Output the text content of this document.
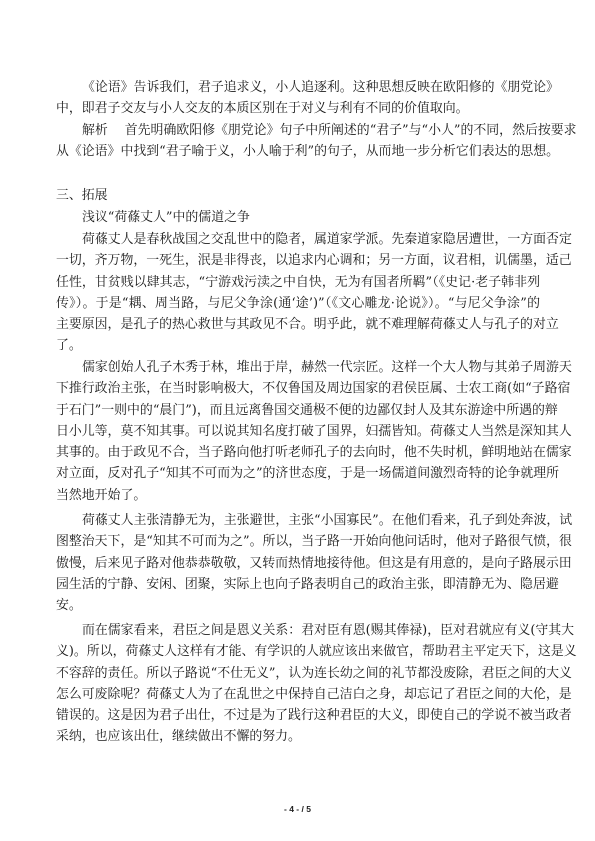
《论语》告诉我们，君子追求义，小人追逐利。这种思想反映在欧阳修的《朋党论》
中，即君子交友与小人交友的本质区别在于对义与利有不同的价值取向。
解析　 首先明确欧阳修《朋党论》句子中所阐述的“君子”与“小人”的不同，然后按要求
从《论语》中找到“君子喻于义，小人喻于利”的句子，从而地一步分析它们表达的思想。
三、拓展
浅议“荷蓧丈人”中的儒道之争
荷蓧丈人是春秋战国之交乱世中的隐者，属道家学派。先秦道家隐居遭世，一方面否定
一切，齐万物，一死生，泯是非得丧，以追求内心调和；另一方面，议君相，讥儒墨，适己
任性，甘贫贱以肆其志，“宁游戏污渎之中自快，无为有国者所羁”（《史记·老子韩非列
传》）。于是“耦、周当路，与尼父争涂(通‘途’)”（《文心雕龙·论说》）。“与尼父争涂”的
主要原因，是孔子的热心救世与其政见不合。明乎此，就不难理解荷蓧丈人与孔子的对立
了。
儒家创始人孔子木秀于林，堆出于岸，赫然一代宗匠。这样一个大人物与其弟子周游天
下推行政治主张，在当时影响极大，不仅鲁国及周边国家的君侯臣属、士农工商(如“子路宿
于石门”一则中的“晨门”)，而且远离鲁国交通极不便的边鄙仅封人及其东游途中所遇的辩
日小儿等，莫不知其事。可以说其知名度打破了国界，妇孺皆知。荷蓧丈人当然是深知其人
其事的。由于政见不合，当子路向他打听老师孔子的去向时，他不失时机，鲜明地站在儒家
对立面，反对孔子“知其不可而为之”的济世态度，于是一场儒道间激烈奇特的论争就理所
当然地开始了。
荷蓧丈人主张清静无为，主张避世，主张“小国寡民”。在他们看来，孔子到处奔波，试
图整治天下，是“知其不可而为之”。所以，当子路一开始向他问话时，他对子路很气愤，很
傲慢，后来见子路对他恭恭敬敬，又转而热情地接待他。但这是有用意的，是向子路展示田
园生活的宁静、安闲、团聚，实际上也向子路表明自己的政治主张，即清静无为、隐居避
安。
而在儒家看来，君臣之间是恩义关系：君对臣有恩(赐其俸禄)，臣对君就应有义(守其大
义)。所以，荷蓧丈人这样有才能、有学识的人就应该出来做官，帮助君主平定天下，这是义
不容辞的责任。所以子路说“不仕无义”，认为连长幼之间的礼节都没废除，君臣之间的大义
怎么可废除呢？荷蓧丈人为了在乱世之中保持自己洁白之身，却忘记了君臣之间的大伦，是
错误的。这是因为君子出仕，不过是为了践行这种君臣的大义，即使自己的学说不被当政者
采纳，也应该出仕，继续做出不懈的努力。
- 4 - / 5
